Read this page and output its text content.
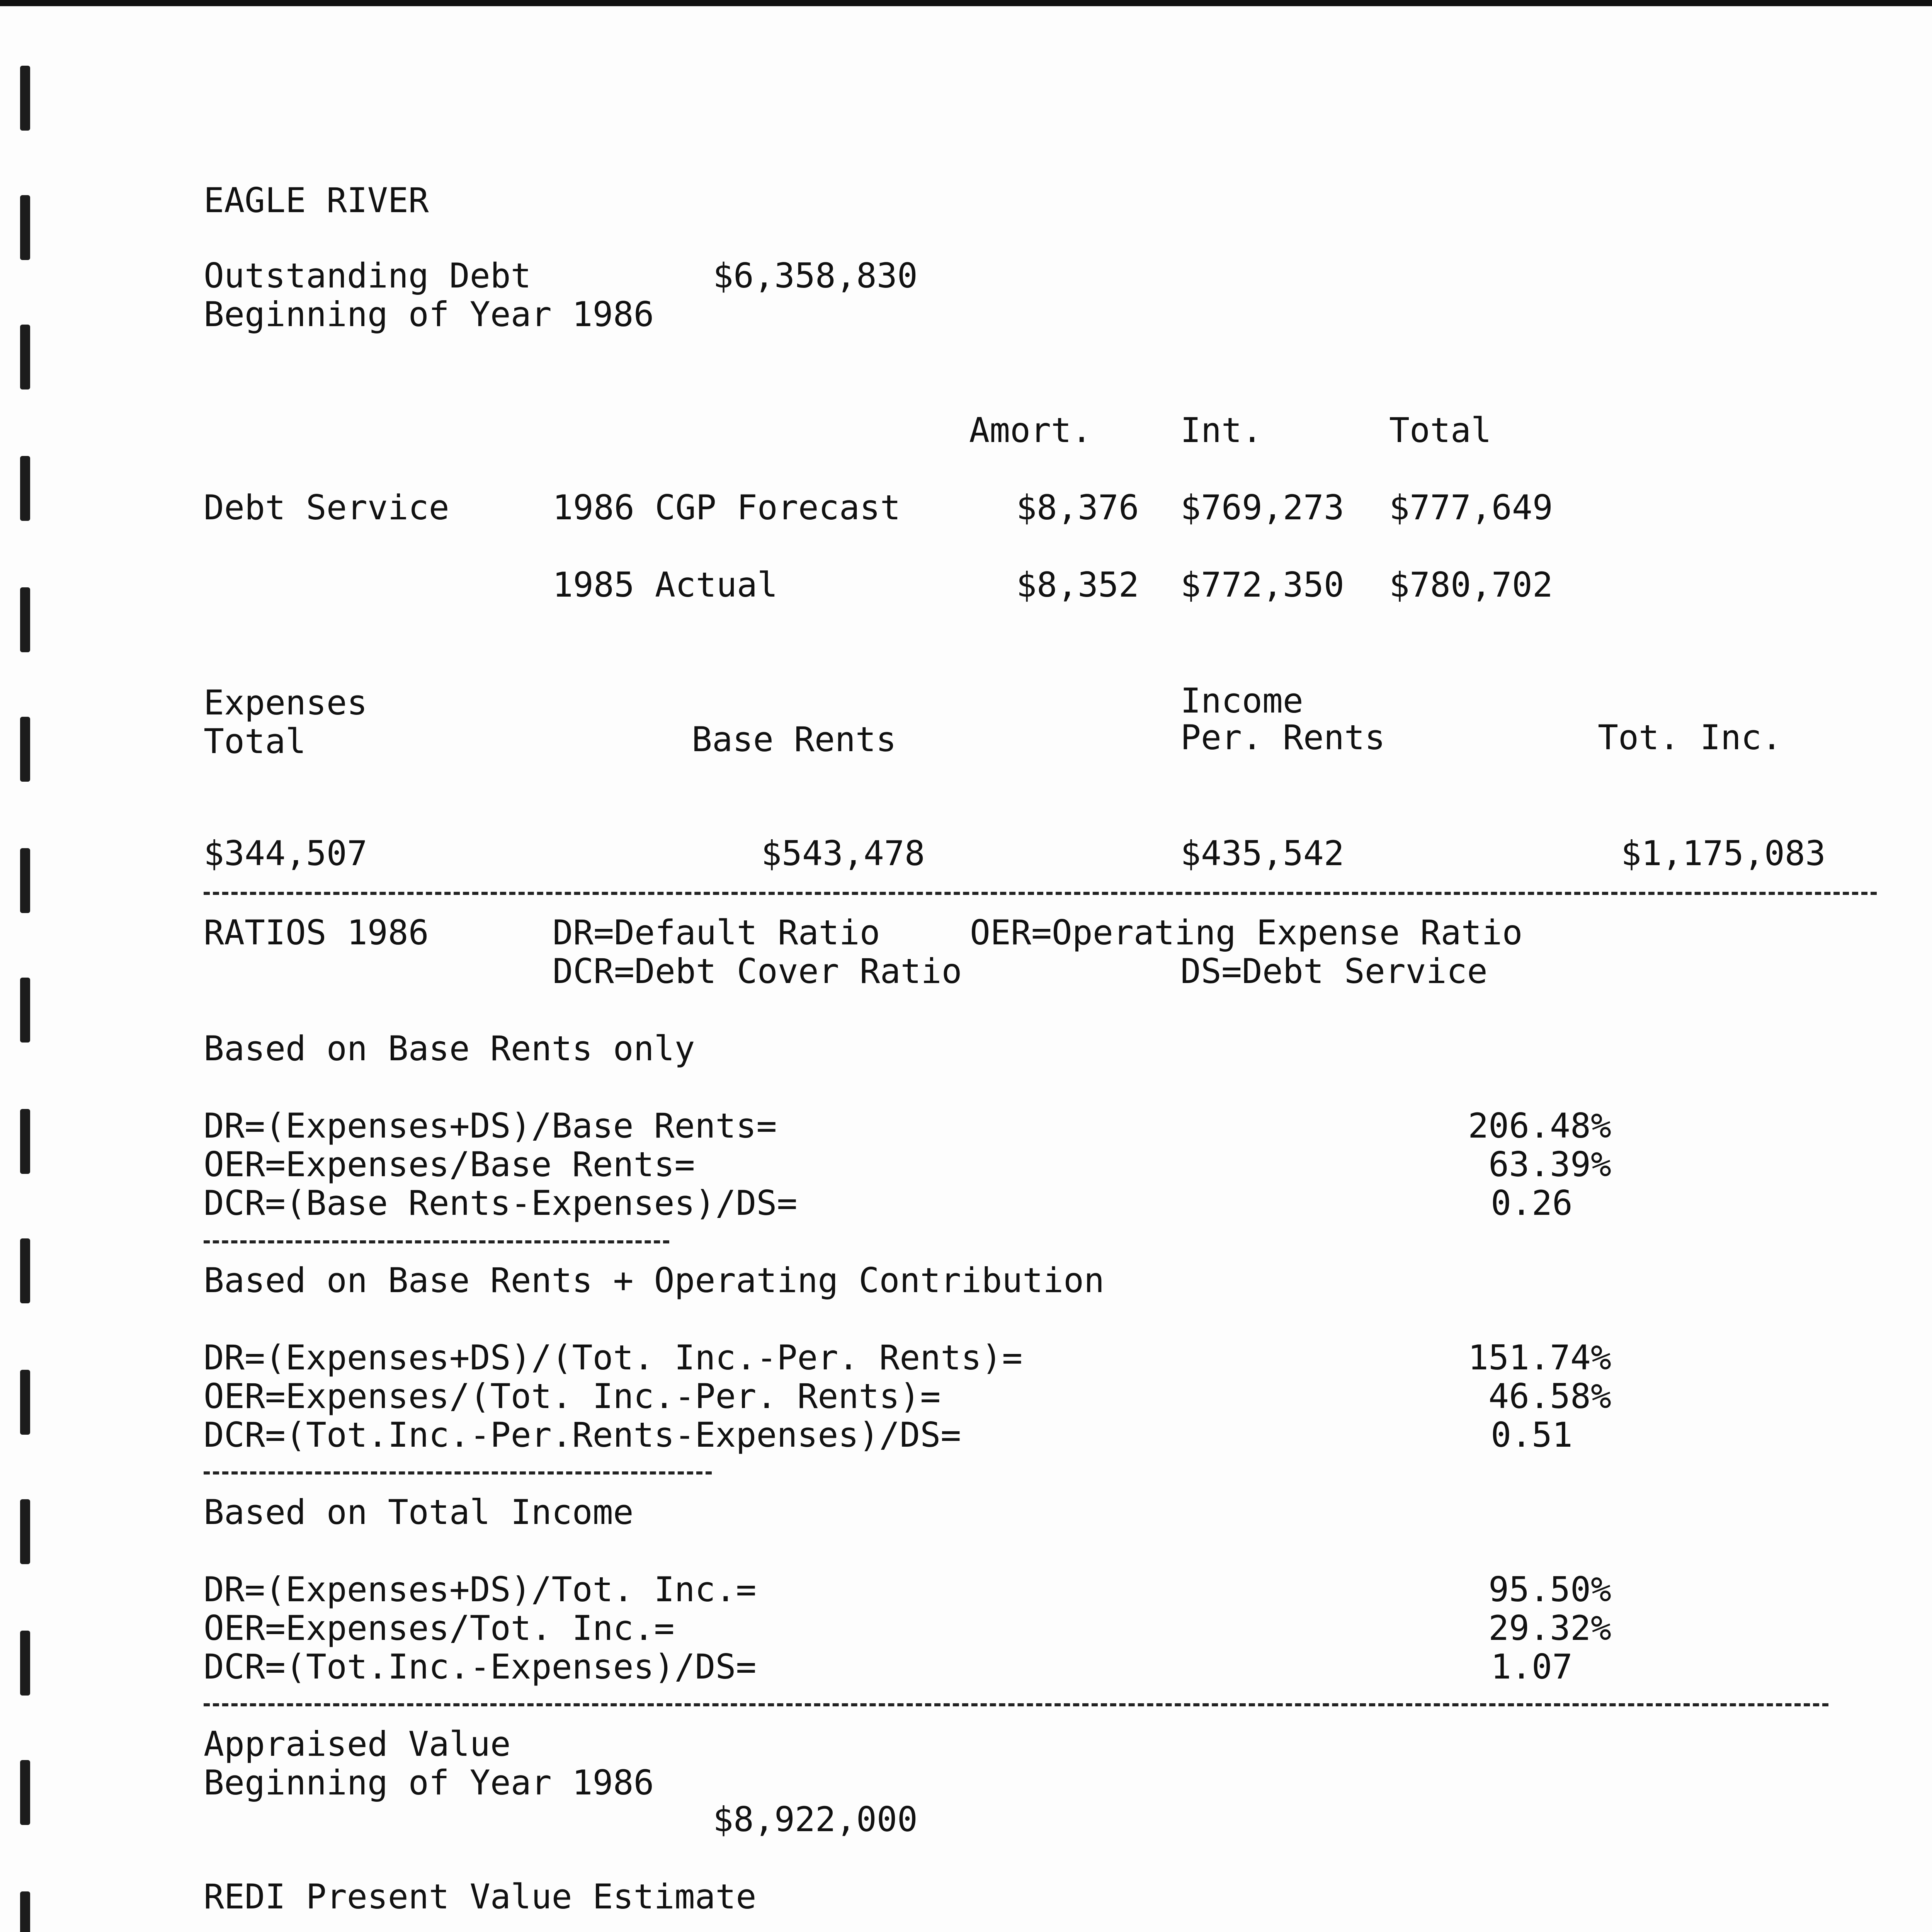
EAGLE RIVER
Outstanding Debt	$6,358,830
Beginning of Year 1986
Amort.	Int.	Total
Debt Service	1986 CGP Forecast	$8,376 $769,273 $777,649
1985 Actual	$8,352 $772,350 $780,702
Expenses
Total	Base Rents
Income
Per. Rents	Tot. Inc.
$344,507	$543,478	$435,542	$1,175,083
RATIOS 1986	DR=Default Ratio	OER=Operating Expense Ratio
DCR=Debt Cover Ratio	DS=Debt Service
Based on Base Rents only
DR=(Expenses+DS)/Base Rents=	206.48%
OER=Expenses/Base Rents=	63.39%
DCR=(Base Rents-Expenses)/DS=	0.26
Based on Base Rents + Operating Contribution
DR=(Expenses+DS)/(Tot. Inc.-Per. Rents)=	151.74%
OER=Expenses/(Tot. Inc.-Per. Rents)=	46.58%
DCR=(Tot.Inc.-Per.Rents-Expenses)/DS=	0.51
Based on Total Income
DR=(Expenses+DS)/Tot. Inc.=	95.50%
OER=Expenses/Tot. Inc.=	29.32%
DCR=(Tot.Inc.-Expenses)/DS=	1.07
Appraised Value
Beginning of Year 1986
$8,922,000
REDI Present Value Estimate
